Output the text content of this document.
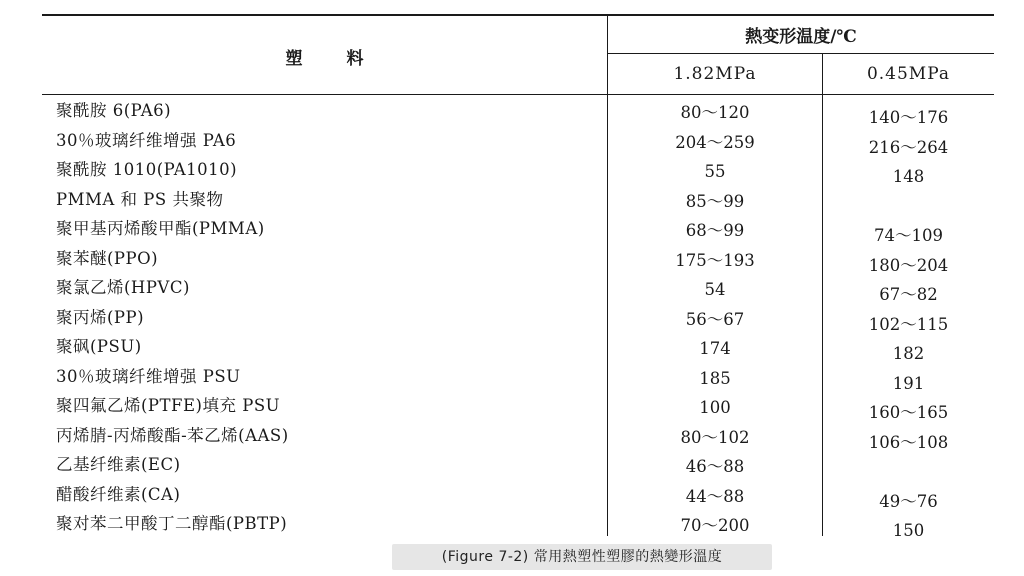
塑料
熱变形温度/℃
1.82MPa	0.45MPa
聚酰胺 6(PA6)	80～120	140～176
30％玻璃纤维增强 PA6	204～259	216～264
聚酰胺 1010(PA1010)	55	148
PMMA 和 PS 共聚物	85～99
聚甲基丙烯酸甲酯(PMMA)	68～99	74～109
聚苯醚(PPO)	175～193	180～204
聚氯乙烯(HPVC)	54	67～82
聚丙烯(PP)	56～67	102～115
聚砜(PSU)	174	182
30％玻璃纤维增强 PSU	185	191
聚四氟乙烯(PTFE)填充 PSU	100	160～165
丙烯腈-丙烯酸酯-苯乙烯(AAS)	80～102	106～108
乙基纤维素(EC)	46～88
醋酸纤维素(CA)	44～88	49～76
聚对苯二甲酸丁二醇酯(PBTP)	70～200	150
(Figure 7-2) 常用熱塑性塑膠的熱變形溫度
